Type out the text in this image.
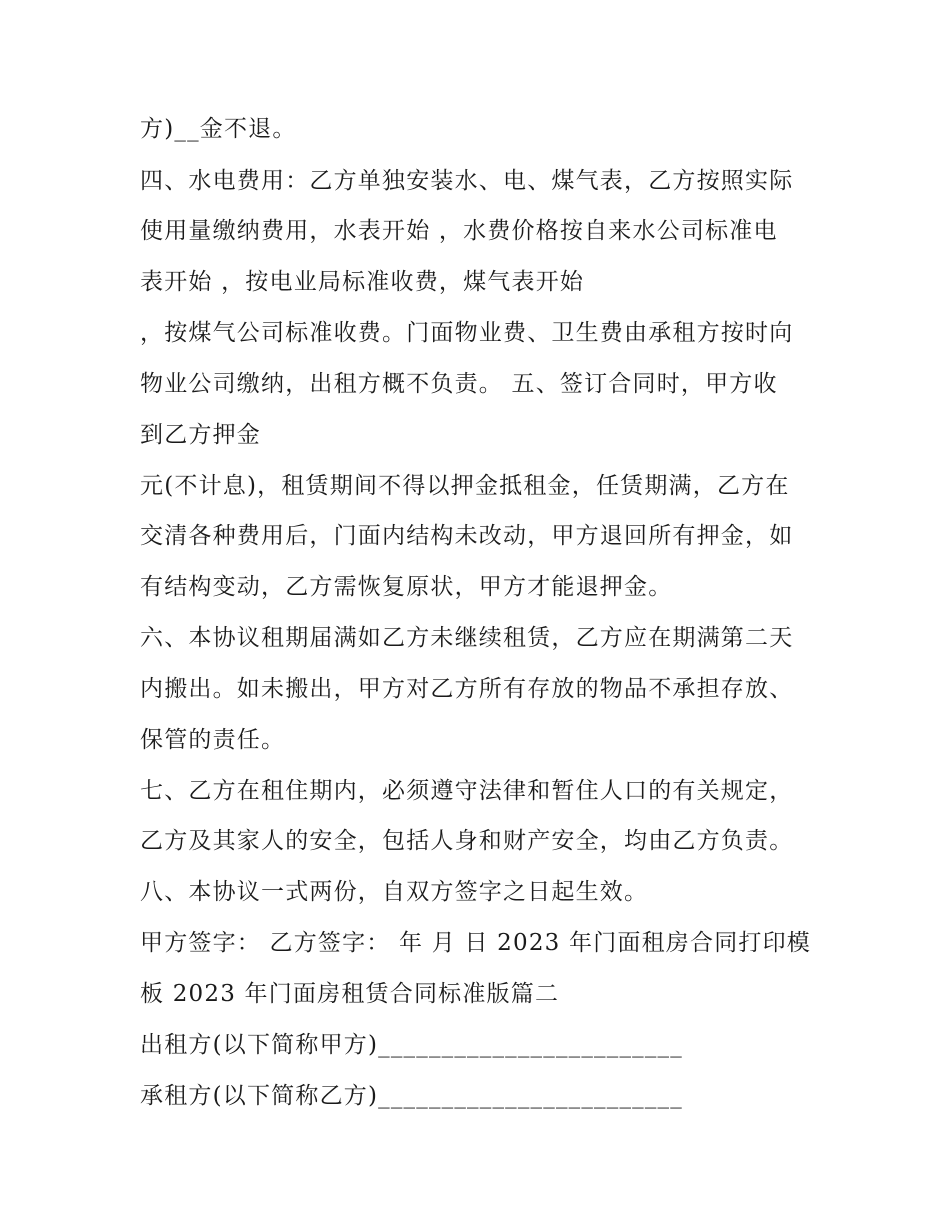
方)__金不退。

四、水电费用：乙方单独安装水、电、煤气表，乙方按照实际

使用量缴纳费用，水表开始 ，水费价格按自来水公司标准电

表开始 ，按电业局标准收费，煤气表开始

，按煤气公司标准收费。门面物业费、卫生费由承租方按时向

物业公司缴纳，出租方概不负责。 五、签订合同时，甲方收

到乙方押金

元(不计息)，租赁期间不得以押金抵租金，任赁期满，乙方在

交清各种费用后，门面内结构未改动，甲方退回所有押金，如

有结构变动，乙方需恢复原状，甲方才能退押金。

六、本协议租期届满如乙方未继续租赁，乙方应在期满第二天

内搬出。如未搬出，甲方对乙方所有存放的物品不承担存放、

保管的责任。

七、乙方在租住期内，必须遵守法律和暂住人口的有关规定，

乙方及其家人的安全，包括人身和财产安全，均由乙方负责。

八、本协议一式两份，自双方签字之日起生效。

甲方签字： 乙方签字： 年 月 日 2023 年门面租房合同打印模

板 2023 年门面房租赁合同标准版篇二

出租方(以下简称甲方)________________________

承租方(以下简称乙方)________________________
